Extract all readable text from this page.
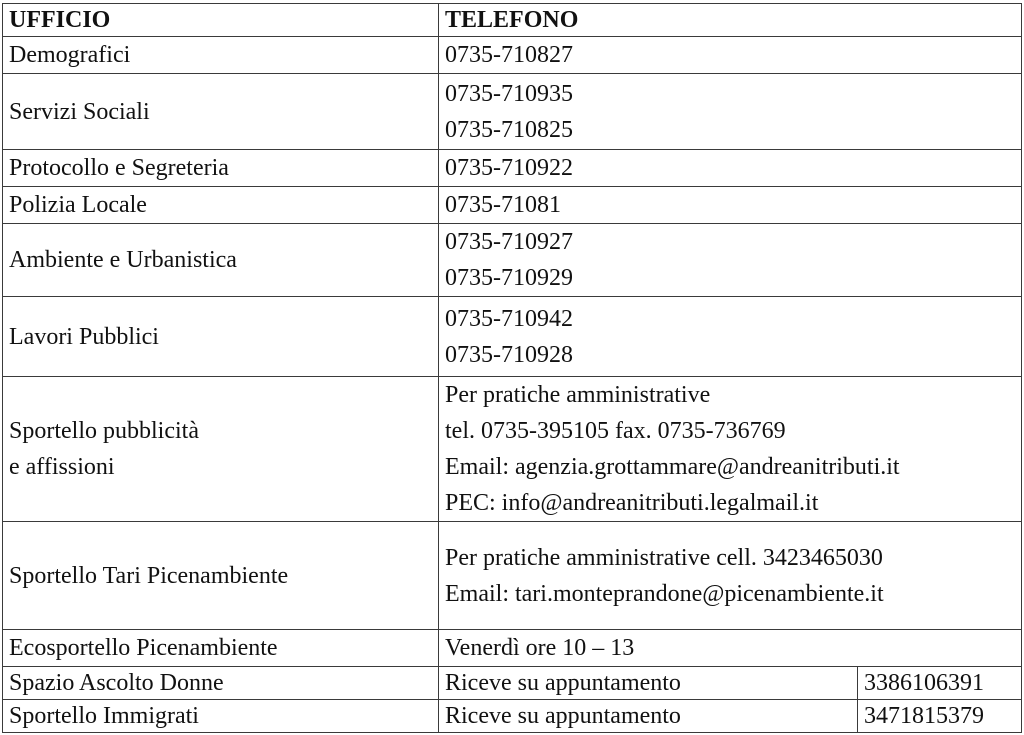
UFFICIO	TELEFONO	

Demografici	0735-710827	

Servizi Sociali	0735-710935
0735-710825	

Protocollo e Segreteria	0735-710922	

Polizia Locale	0735-71081	

Ambiente e Urbanistica	0735-710927
0735-710929	

Lavori Pubblici	0735-710942
0735-710928	

Sportello pubblicità
e affissioni	Per pratiche amministrative
tel. 0735-395105 fax. 0735-736769
Email: agenzia.grottammare@andreanitributi.it
PEC: info@andreanitributi.legalmail.it	

Sportello Tari Picenambiente	Per pratiche amministrative cell. 3423465030
Email: tari.monteprandone@picenambiente.it	

Ecosportello Picenambiente	Venerdì ore 10 – 13	

Spazio Ascolto Donne	Riceve su appuntamento	3386106391
Sportello Immigrati	Riceve su appuntamento	3471815379
